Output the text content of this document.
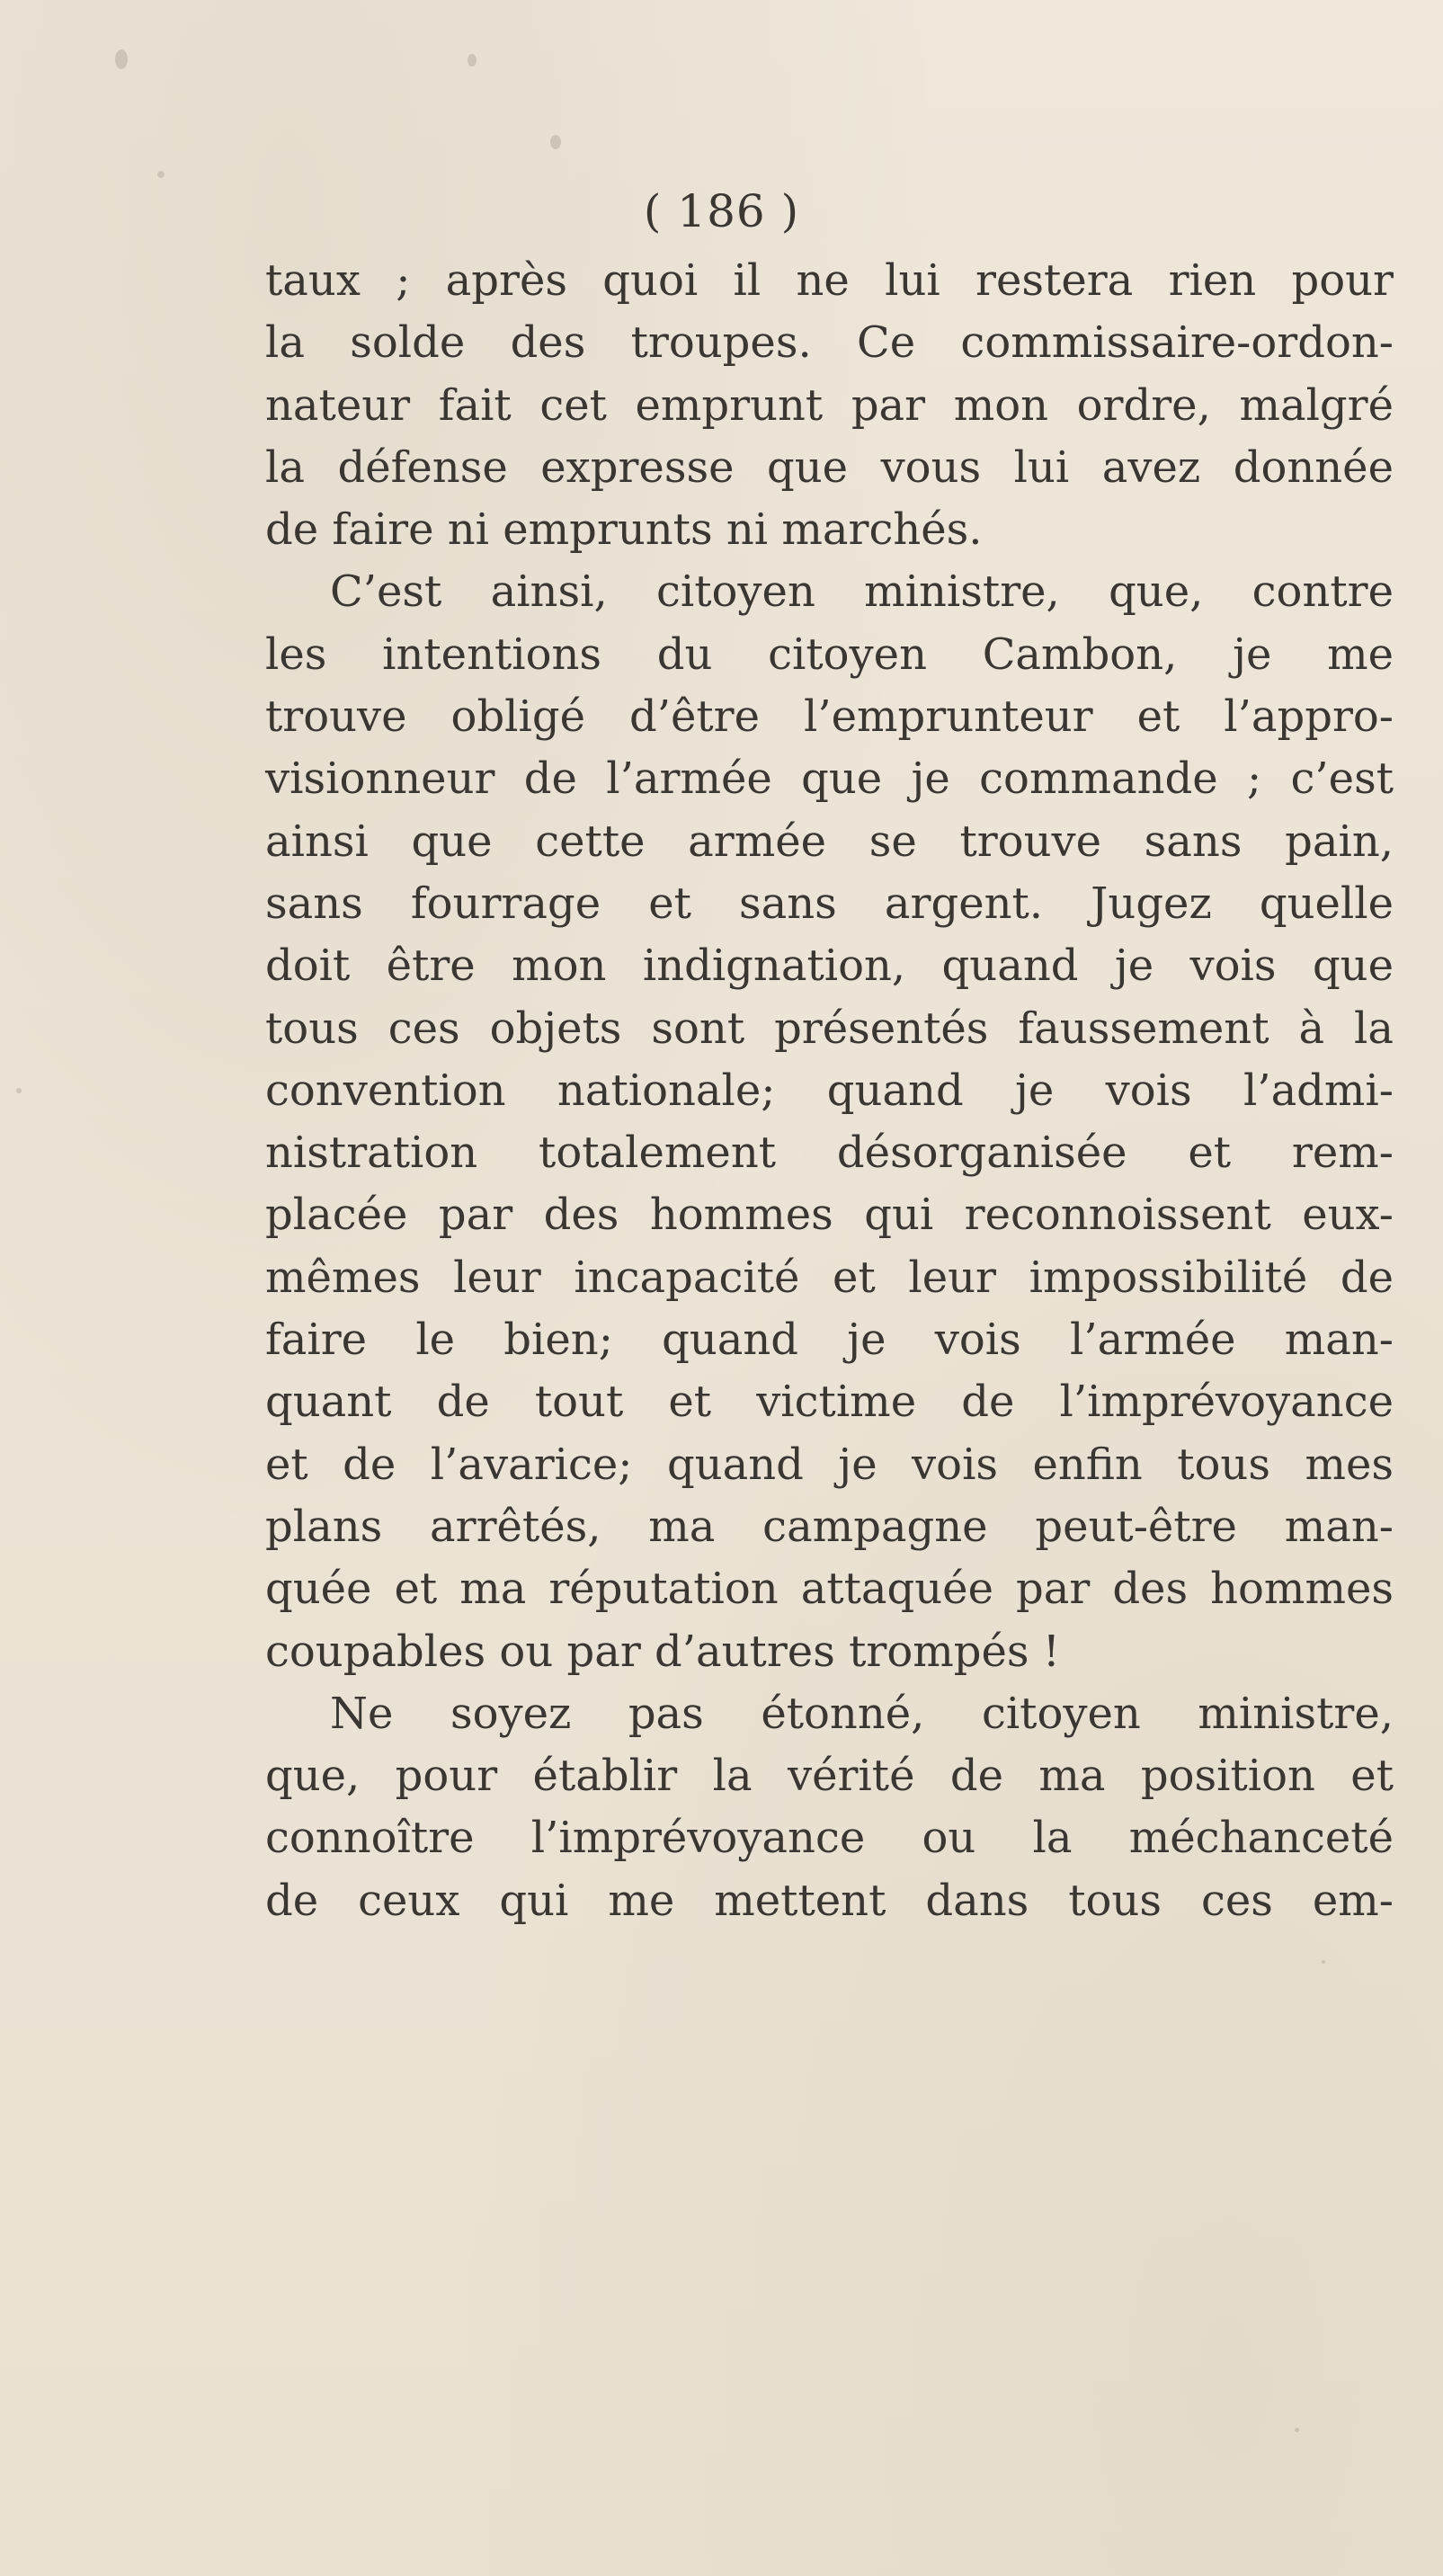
( 186 )
taux ; après quoi il ne lui restera rien pour
la solde des troupes. Ce commissaire-ordon-
nateur fait cet emprunt par mon ordre, malgré
la défense expresse que vous lui avez donnée
de faire ni emprunts ni marchés.
C’est ainsi, citoyen ministre, que, contre
les intentions du citoyen Cambon, je me
trouve obligé d’être l’emprunteur et l’appro-
visionneur de l’armée que je commande ; c’est
ainsi que cette armée se trouve sans pain,
sans fourrage et sans argent. Jugez quelle
doit être mon indignation, quand je vois que
tous ces objets sont présentés faussement à la
convention nationale; quand je vois l’admi-
nistration totalement désorganisée et rem-
placée par des hommes qui reconnoissent eux-
mêmes leur incapacité et leur impossibilité de
faire le bien; quand je vois l’armée man-
quant de tout et victime de l’imprévoyance
et de l’avarice; quand je vois enfin tous mes
plans arrêtés, ma campagne peut-être man-
quée et ma réputation attaquée par des hommes
coupables ou par d’autres trompés !
Ne soyez pas étonné, citoyen ministre,
que, pour établir la vérité de ma position et
connoître l’imprévoyance ou la méchanceté
de ceux qui me mettent dans tous ces em-
